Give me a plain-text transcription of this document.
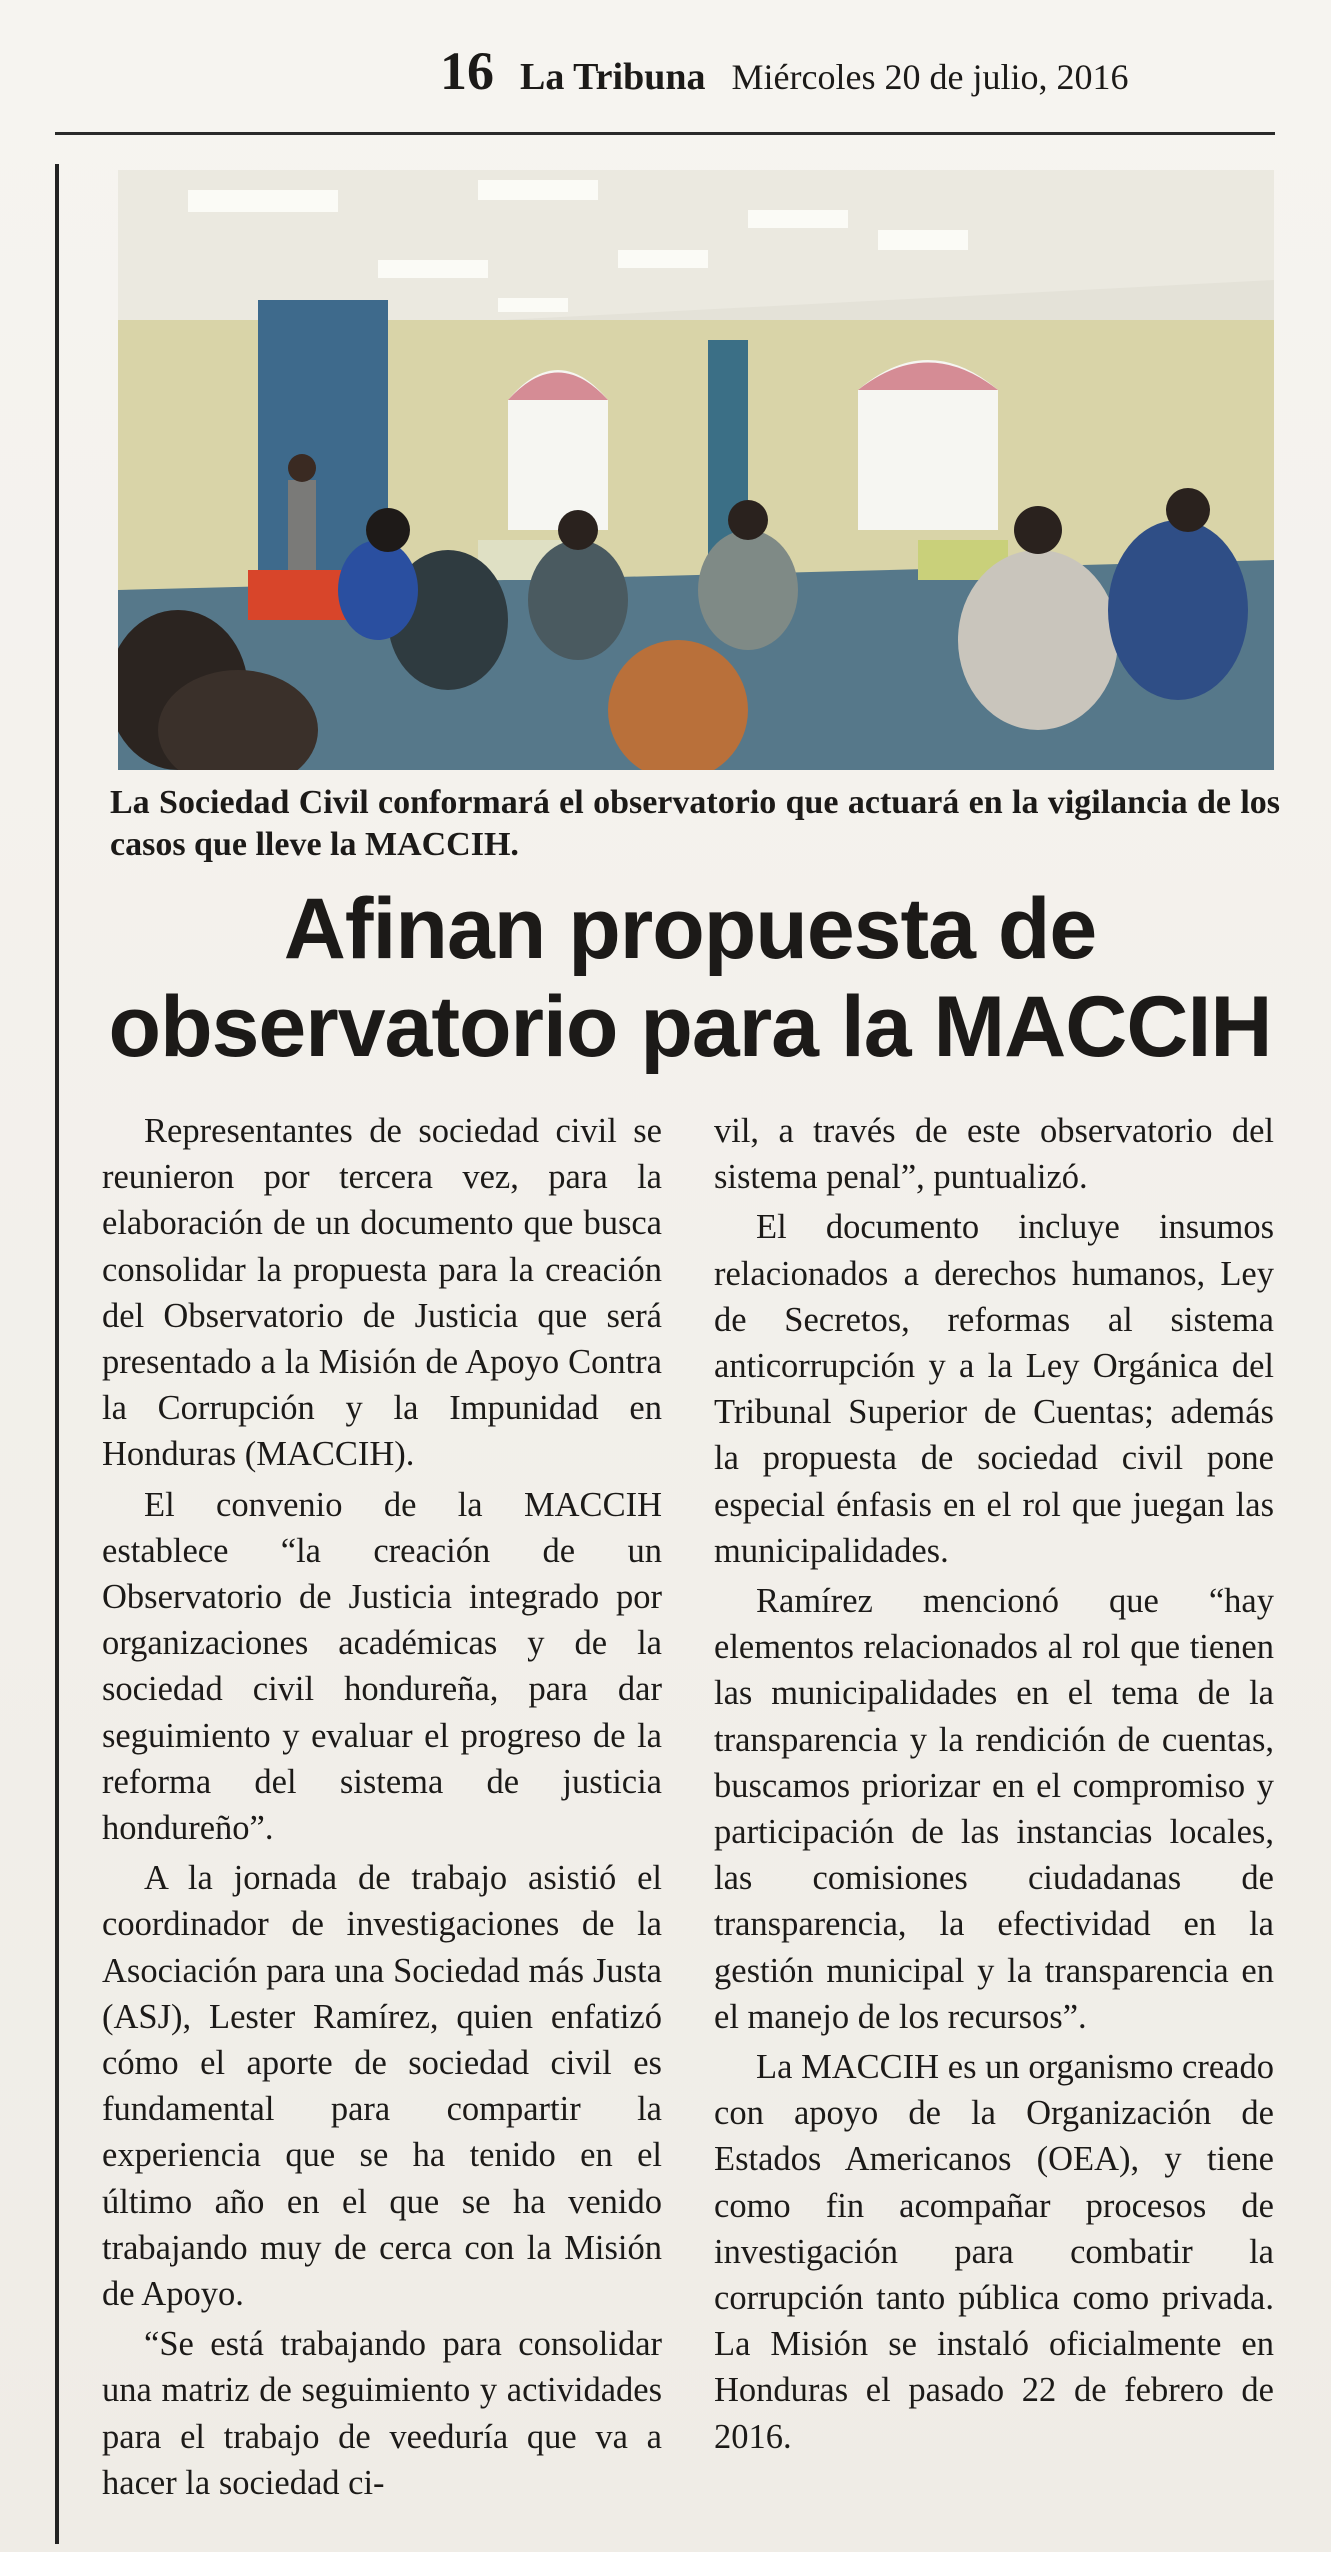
16 La Tribuna Miércoles 20 de julio, 2016
La Sociedad Civil conformará el observatorio que actuará en la vigilancia de los casos que lleve la MACCIH.
Afinan propuesta de
observatorio para la MACCIH

Representantes de sociedad civil se reunieron por tercera vez, para la elaboración de un documento que busca consolidar la propuesta para la creación del Observatorio de Justicia que será presentado a la Misión de Apoyo Contra la Corrupción y la Impunidad en Honduras (MACCIH).

El convenio de la MACCIH establece “la creación de un Observatorio de Justicia integrado por organizaciones académicas y de la sociedad civil hondureña, para dar seguimiento y evaluar el progreso de la reforma del sistema de justicia hondureño”.

A la jornada de trabajo asistió el coordinador de investigaciones de la Asociación para una Sociedad más Justa (ASJ), Lester Ramírez, quien enfatizó cómo el aporte de sociedad civil es fundamental para compartir la experiencia que se ha tenido en el último año en el que se ha venido trabajando muy de cerca con la Misión de Apoyo.

“Se está trabajando para consolidar una matriz de seguimiento y actividades para el trabajo de veeduría que va a hacer la sociedad ci-

vil, a través de este observatorio del sistema penal”, puntualizó.

El documento incluye insumos relacionados a derechos humanos, Ley de Secretos, reformas al sistema anticorrupción y a la Ley Orgánica del Tribunal Superior de Cuentas; además la propuesta de sociedad civil pone especial énfasis en el rol que juegan las municipalidades.

Ramírez mencionó que “hay elementos relacionados al rol que tienen las municipalidades en el tema de la transparencia y la rendición de cuentas, buscamos priorizar en el compromiso y participación de las instancias locales, las comisiones ciudadanas de transparencia, la efectividad en la gestión municipal y la transparencia en el manejo de los recursos”.

La MACCIH es un organismo creado con apoyo de la Organización de Estados Americanos (OEA), y tiene como fin acompañar procesos de investigación para combatir la corrupción tanto pública como privada. La Misión se instaló oficialmente en Honduras el pasado 22 de febrero de 2016.
